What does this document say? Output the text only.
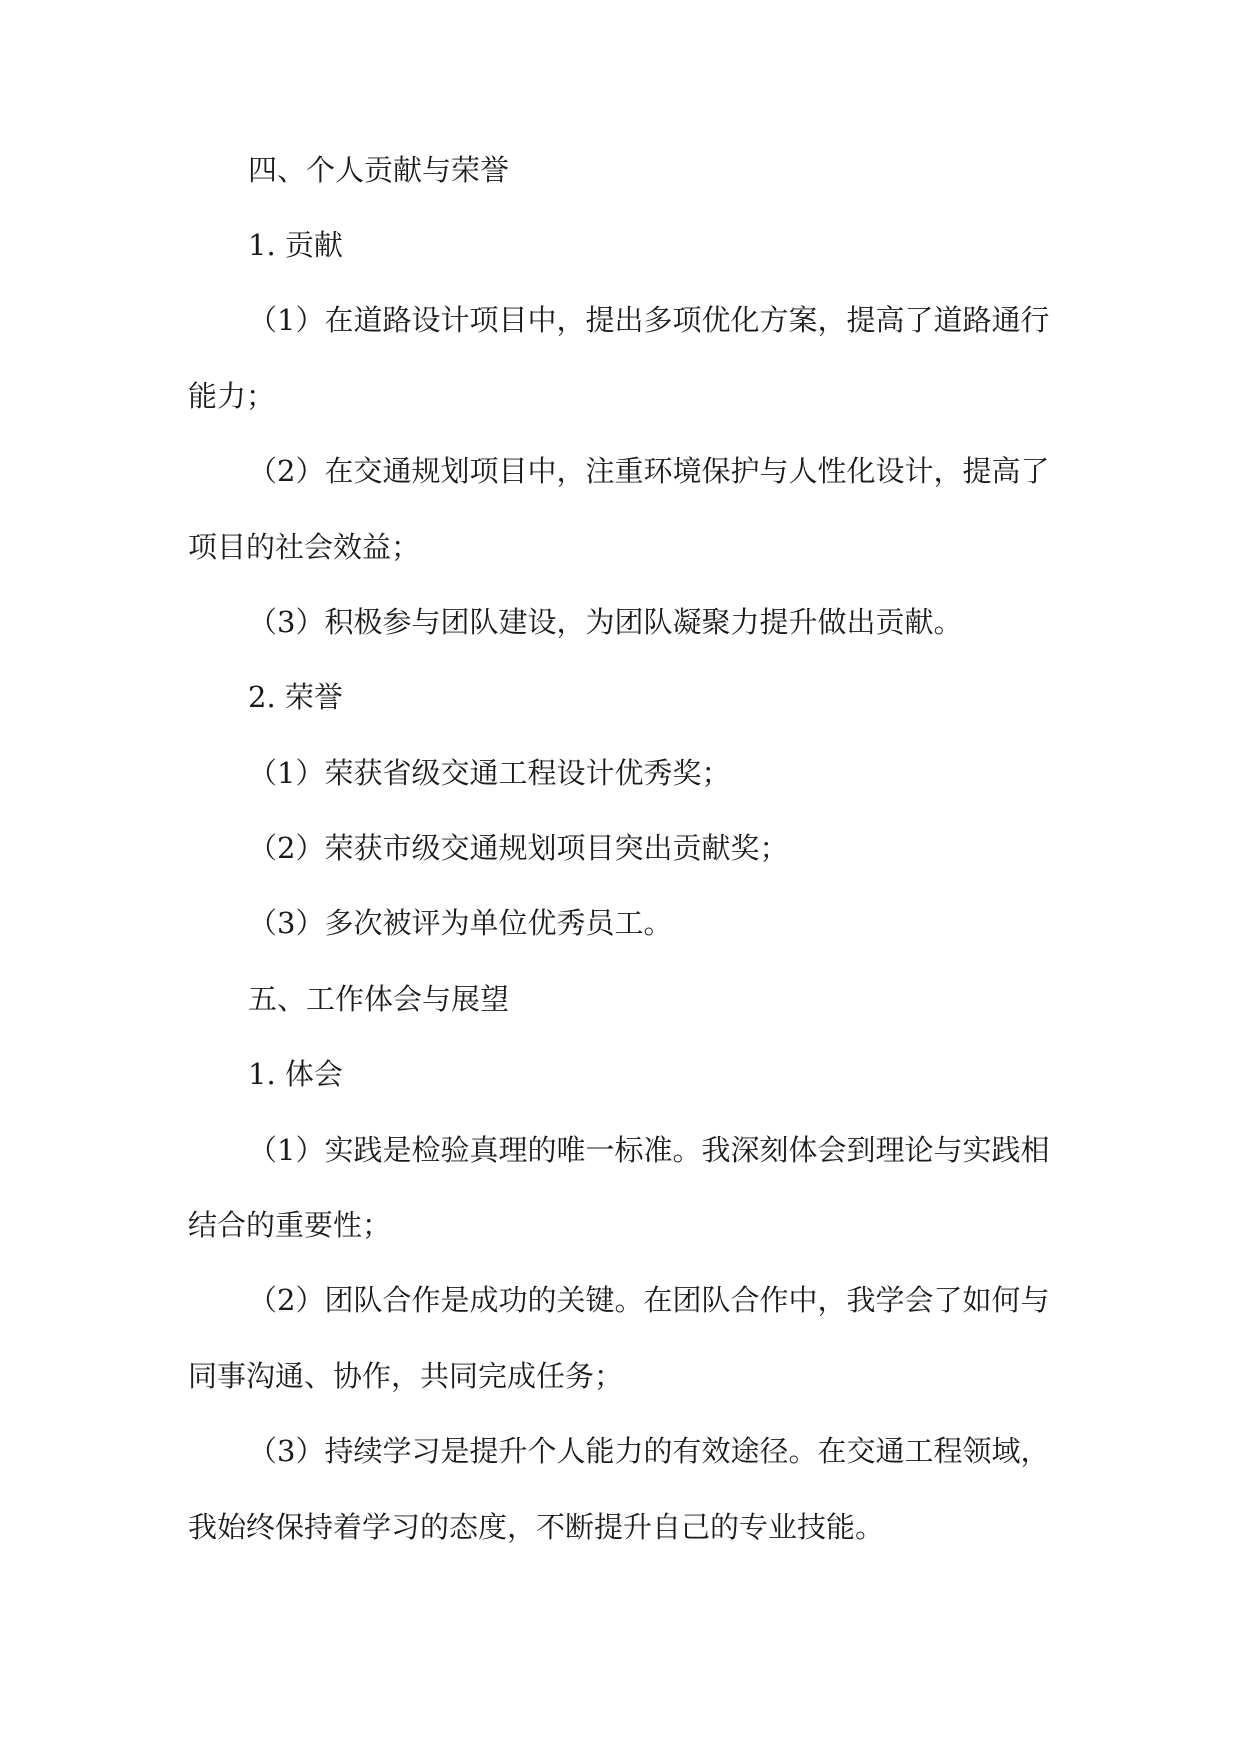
四、个人贡献与荣誉

1. 贡献

（1）在道路设计项目中，提出多项优化方案，提高了道路通行

能力；

（2）在交通规划项目中，注重环境保护与人性化设计，提高了

项目的社会效益；

（3）积极参与团队建设，为团队凝聚力提升做出贡献。

2. 荣誉

（1）荣获省级交通工程设计优秀奖；

（2）荣获市级交通规划项目突出贡献奖；

（3）多次被评为单位优秀员工。

五、工作体会与展望

1. 体会

（1）实践是检验真理的唯一标准。我深刻体会到理论与实践相

结合的重要性；

（2）团队合作是成功的关键。在团队合作中，我学会了如何与

同事沟通、协作，共同完成任务；

（3）持续学习是提升个人能力的有效途径。在交通工程领域，

我始终保持着学习的态度，不断提升自己的专业技能。
